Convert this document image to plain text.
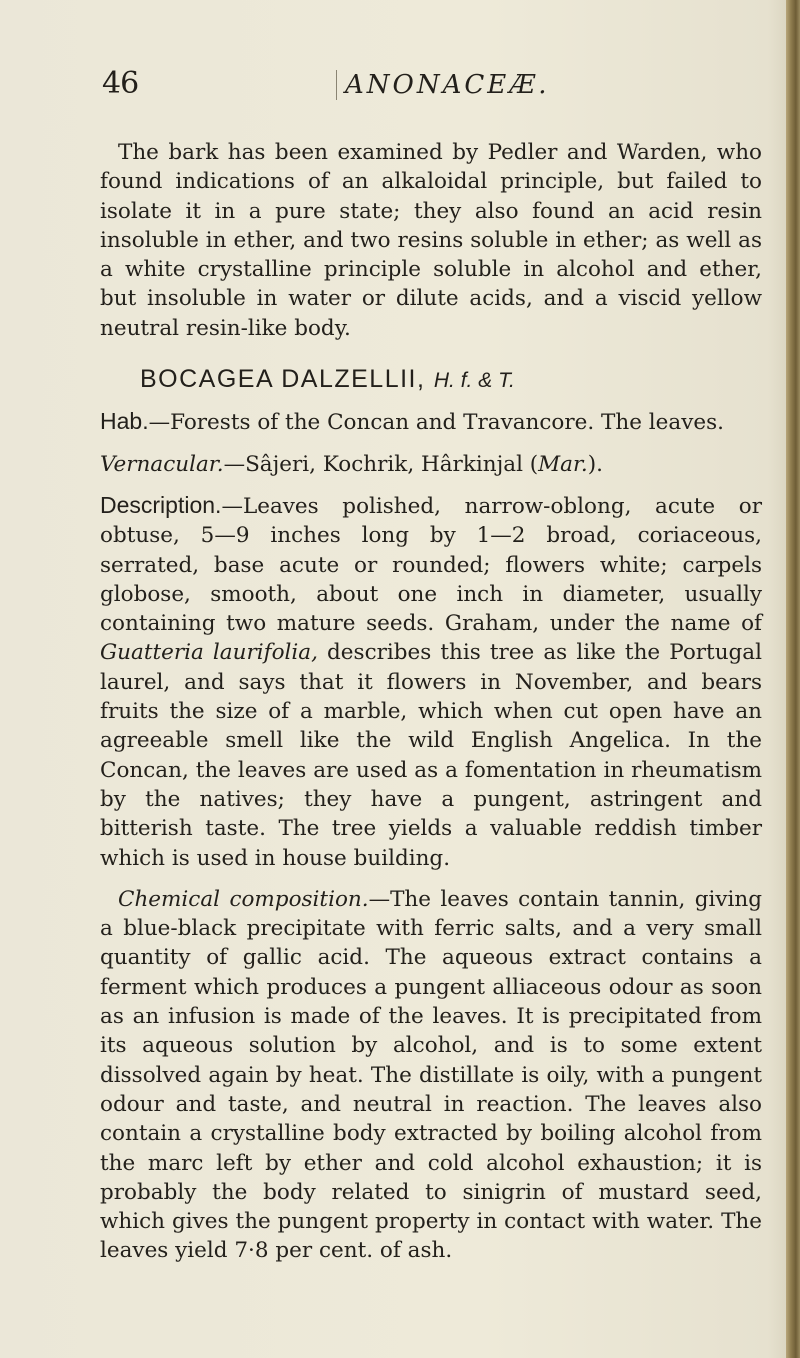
46	ANONACEÆ.

The bark has been examined by Pedler and Warden, who found indications of an alkaloidal principle, but failed to isolate it in a pure state; they also found an acid resin insoluble in ether, and two resins soluble in ether; as well as a white crystalline principle soluble in alcohol and ether, but insoluble in water or dilute acids, and a viscid yellow neutral resin-like body.

BOCAGEA DALZELLII, H. f. & T.

Hab.—Forests of the Concan and Travancore. The leaves.

Vernacular.—Sâjeri, Kochrik, Hârkinjal (Mar.).

Description.—Leaves polished, narrow-oblong, acute or obtuse, 5—9 inches long by 1—2 broad, coriaceous, serrated, base acute or rounded; flowers white; carpels globose, smooth, about one inch in diameter, usually containing two mature seeds. Graham, under the name of Guatteria laurifolia, describes this tree as like the Portugal laurel, and says that it flowers in November, and bears fruits the size of a marble, which when cut open have an agreeable smell like the wild English Angelica. In the Concan, the leaves are used as a fomentation in rheumatism by the natives; they have a pungent, astringent and bitterish taste. The tree yields a valuable reddish timber which is used in house building.

Chemical composition.—The leaves contain tannin, giving a blue-black precipitate with ferric salts, and a very small quantity of gallic acid. The aqueous extract contains a ferment which produces a pungent alliaceous odour as soon as an infusion is made of the leaves. It is precipitated from its aqueous solution by alcohol, and is to some extent dissolved again by heat. The distillate is oily, with a pungent odour and taste, and neutral in reaction. The leaves also contain a crystalline body extracted by boiling alcohol from the marc left by ether and cold alcohol exhaustion; it is probably the body related to sinigrin of mustard seed, which gives the pungent property in contact with water. The leaves yield 7·8 per cent. of ash.
